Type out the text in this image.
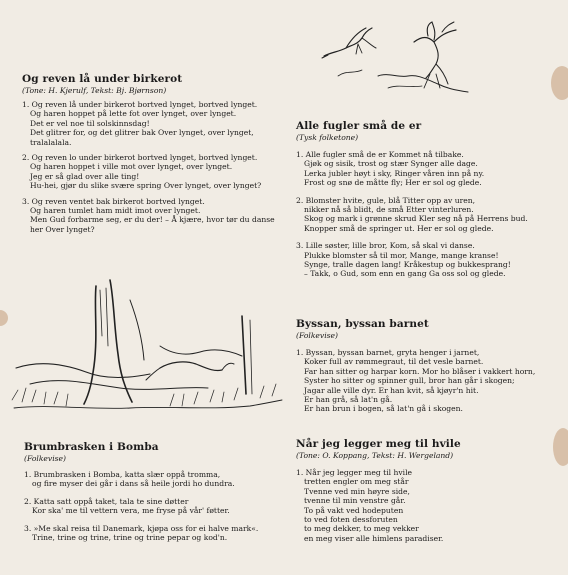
Og reven lå under birkerot
(Tone: H. Kjerulf, Tekst: Bj. Bjørnson)
1. Og reven lå under birkerot bortved lynget, bortved lynget.
Og haren hoppet på lette fot over lynget, over lynget.
Det er vel noe til solskinnsdag!
Det glitrer for, og det glitrer bak Over lynget, over lynget,
tralalalala.
2. Og reven lo under birkerot bortved lynget, bortved lynget.
Og haren hoppet i ville mot over lynget, over lynget.
Jeg er så glad over alle ting!
Hu-hei, gjør du slike svære spring Over lynget, over lynget?
3. Og reven ventet bak birkerot bortved lynget.
Og haren tumlet ham midt imot over lynget.
Men Gud forbarme seg, er du der! – Å kjære, hvor tør du danse
her Over lynget?
Brumbrasken i Bomba
(Folkevise)
1. Brumbrasken i Bomba, katta slær oppå tromma,
og fire myser dei går i dans så heile jordi ho dundra.
2. Katta satt oppå taket, tala te sine døtter
Kor ska' me til vettern vera, me fryse på vår' føtter.
3. »Me skal reisa til Danemark, kjøpa oss for ei halve mark«.
Trine, trine og trine, trine og trine pepar og kod'n.
Alle fugler små de er
(Tysk folketone)
1. Alle fugler små de er Kommet nå tilbake.
Gjøk og sisik, trost og stær Synger alle dage.
Lerka jubler høyt i sky, Ringer våren inn på ny.
Frost og snø de måtte fly; Her er sol og glede.
2. Blomster hvite, gule, blå Titter opp av uren,
nikker nå så blidt, de små Etter vinterluren.
Skog og mark i grønne skrud Kler seg nå på Herrens bud.
Knopper små de springer ut. Her er sol og glede.
3. Lille søster, lille bror, Kom, så skal vi danse.
Plukke blomster så til mor, Mange, mange kranse!
Synge, tralle dagen lang! Kråkestup og bukkesprang!
– Takk, o Gud, som enn en gang Ga oss sol og glede.
Byssan, byssan barnet
(Folkevise)
1. Byssan, byssan barnet, gryta henger i jarnet,
Koker full av rømmegraut, til det vesle barnet.
Far han sitter og harpar korn. Mor ho blåser i vakkert horn,
Syster ho sitter og spinner gull, bror han går i skogen;
Jagar alle ville dyr. Er han kvit, så kjøyr'n hit.
Er han grå, så lat'n gå.
Er han brun i bogen, så lat'n gå i skogen.
Når jeg legger meg til hvile
(Tone: O. Koppang, Tekst: H. Wergeland)
1. Når jeg legger meg til hvile
tretten engler om meg står
Tvenne ved min høyre side,
tvenne til min venstre går.
To på vakt ved hodeputen
to ved foten dessforuten
to meg dekker, to meg vekker
en meg viser alle himlens paradiser.
